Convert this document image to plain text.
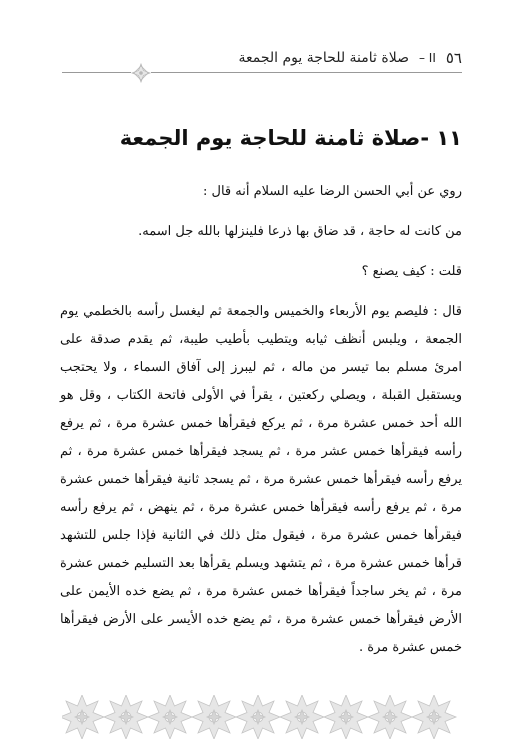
٥٦
II –
صلاة ثامنة للحاجة يوم الجمعة
١١ -صلاة ثامنة للحاجة يوم الجمعة

روي عن أبي الحسن الرضا عليه السلام أنه قال :

من كانت له حاجة ، قد ضاق بها ذرعا فلينزلها بالله جل اسمه.

قلت : كيف يصنع ؟

قال : فليصم يوم الأربعاء والخميس والجمعة ثم ليغسل رأسه بالخطمي يوم الجمعة ، ويلبس أنظف ثيابه ويتطيب بأطيب طيبة، ثم يقدم صدقة على امرئ مسلم بما تيسر من ماله ، ثم ليبرز إلى آفاق السماء ، ولا يحتجب ويستقبل القبلة ، ويصلي ركعتين ، يقرأ في الأولى فاتحة الكتاب ، وقل هو الله أحد خمس عشرة مرة ، ثم يركع فيقرأها خمس عشرة مرة ، ثم يرفع رأسه فيقرأها خمس عشر مرة ، ثم يسجد فيقرأها خمس عشرة مرة ، ثم يرفع رأسه فيقرأها خمس عشرة مرة ، ثم يسجد ثانية فيقرأها خمس عشرة مرة ، ثم يرفع رأسه فيقرأها خمس عشرة مرة ، ثم ينهض ، ثم يرفع رأسه فيقرأها خمس عشرة مرة ، فيقول مثل ذلك في الثانية فإذا جلس للتشهد قرأها خمس عشرة مرة ، ثم يتشهد ويسلم يقرأها بعد التسليم خمس عشرة مرة ، ثم يخر ساجداً فيقرأها خمس عشرة مرة ، ثم يضع خده الأيمن على الأرض فيقرأها خمس عشرة مرة ، ثم يضع خده الأيسر على الأرض فيقرأها خمس عشرة مرة .
